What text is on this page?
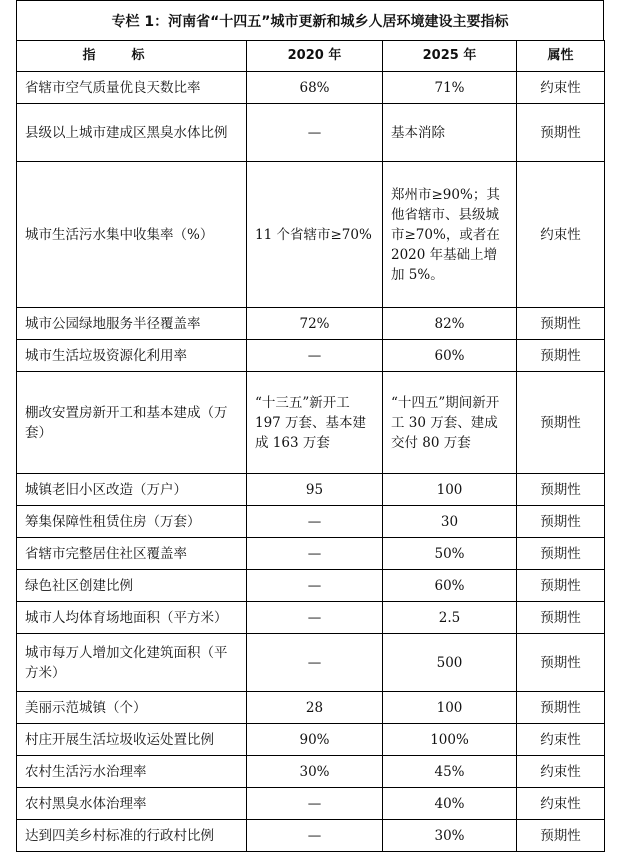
专栏 1：河南省“十四五”城市更新和城乡人居环境建设主要指标
指标	2020 年	2025 年	属性
省辖市空气质量优良天数比率	68%	71%	约束性
县级以上城市建成区黑臭水体比例	—	基本消除	预期性
城市生活污水集中收集率（%）	11 个省辖市≥70%	郑州市≥90%；其他省辖市、县级城市≥70%，或者在 2020 年基础上增加 5%。	约束性
城市公园绿地服务半径覆盖率	72%	82%	预期性
城市生活垃圾资源化利用率	—	60%	预期性
棚改安置房新开工和基本建成（万套）	“十三五”新开工 197 万套、基本建成 163 万套	“十四五”期间新开工 30 万套、建成交付 80 万套	预期性
城镇老旧小区改造（万户）	95	100	预期性
筹集保障性租赁住房（万套）	—	30	预期性
省辖市完整居住社区覆盖率	—	50%	预期性
绿色社区创建比例	—	60%	预期性
城市人均体育场地面积（平方米）	—	2.5	预期性
城市每万人增加文化建筑面积（平方米）	—	500	预期性
美丽示范城镇（个）	28	100	预期性
村庄开展生活垃圾收运处置比例	90%	100%	约束性
农村生活污水治理率	30%	45%	约束性
农村黑臭水体治理率	—	40%	约束性
达到四美乡村标准的行政村比例	—	30%	预期性
